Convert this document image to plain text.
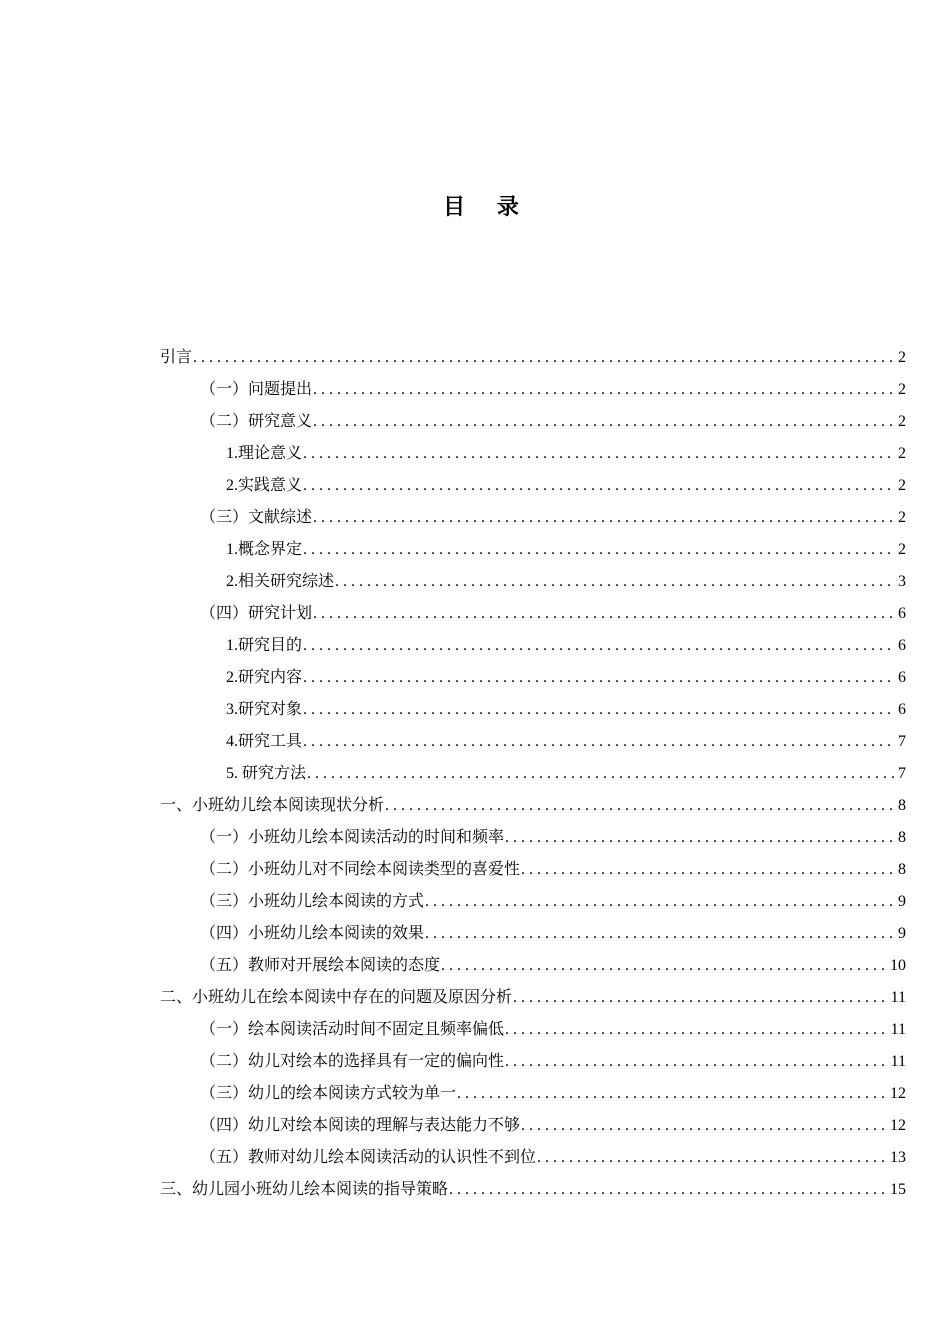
目 录
引言 . . .	2
（一）问题提出 . . .	2
（二）研究意义 . . .	2
1.理论意义 . . .	2
2.实践意义 . . .	2
（三）文献综述 . . .	2
1.概念界定 . . .	2
2.相关研究综述 . . .	3
（四）研究计划 . . .	6
1.研究目的 . . .	6
2.研究内容 . . .	6
3.研究对象 . . .	6
4.研究工具 . . .	7
5. 研究方法 . . .	7
一、小班幼儿绘本阅读现状分析 . . .	8
（一）小班幼儿绘本阅读活动的时间和频率 . . .	8
（二）小班幼儿对不同绘本阅读类型的喜爱性 . . .	8
（三）小班幼儿绘本阅读的方式 . . .	9
（四）小班幼儿绘本阅读的效果 . . .	9
（五）教师对开展绘本阅读的态度 . . .	10
二、小班幼儿在绘本阅读中存在的问题及原因分析 . . .	11
（一）绘本阅读活动时间不固定且频率偏低 . . .	11
（二）幼儿对绘本的选择具有一定的偏向性 . . .	11
（三）幼儿的绘本阅读方式较为单一 . . .	12
（四）幼儿对绘本阅读的理解与表达能力不够 . . .	12
（五）教师对幼儿绘本阅读活动的认识性不到位 . . .	13
三、幼儿园小班幼儿绘本阅读的指导策略 . . .	15
